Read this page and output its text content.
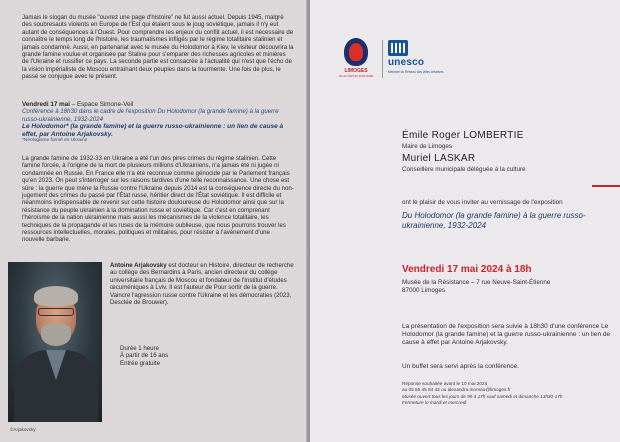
Jamais le slogan du musée "ouvrez une page d'histoire" ne fut aussi actuel. Depuis 1945, malgré des soubresauts violents en Europe de l'Est qui étaient sous le joug soviétique, jamais il n'y eut autant de conséquences à l'Ouest. Pour comprendre les enjeux du conflit actuel, il est nécessaire de connaître le temps long de l'histoire, les traumatismes infligés par le régime totalitaire stalinien et jamais condamné. Aussi, en partenariat avec le musée du Holodomor à Kiev, le visiteur découvrira la grande famine voulue et organisée par Staline pour s'emparer des richesses agricoles et minières de l'Ukraine et russifier ce pays. La seconde partie est consacrée à l'actualité qui n'est que l'écho de la vision impérialiste de Moscou entraînant deux peuples dans la tourmente. Une fois de plus, le passé se conjugue avec le présent.
Vendredi 17 mai – Espace Simone-Veil
Conférence à 18h30 dans le cadre de l'exposition Du Holodomor (la grande famine) à la guerre russo-ukrainienne, 1932-2024
Le Holodomor* (la grande famine) et la guerre russo-ukrainienne : un lien de cause à effet, par Antoine Arjakovsky.
*Néologisme formé en Ukraine
La grande famine de 1932-33 en Ukraine a été l'un des pires crimes du régime stalinien. Cette famine forcée, à l'origine de la mort de plusieurs millions d'Ukrainiens, n'a jamais été ni jugée ni condamnée en Russie. En France elle n'a été reconnue comme génocide par le Parlement français qu'en 2023. On peut s'interroger sur les raisons tardives d'une telle reconnaissance. Une chose est sûre : la guerre que mène la Russie contre l'Ukraine depuis 2014 est la conséquence directe du non-jugement des crimes du passé par l'État russe, héritier direct de l'État soviétique. Il est difficile et néanmoins indispensable de revenir sur cette histoire douloureuse du Holodomor ainsi que sur la résistance du peuple ukrainien à la domination russe et soviétique. Car c'est en comprenant l'héroïsme de la nation ukrainienne mais aussi les mécanismes de la violence totalitaire, les techniques de la propagande et les ruses de la mémoire oublieuse, que nous pourrons trouver les ressources intellectuelles, morales, politiques et militaires, pour résister à l'avènement d'une nouvelle barbarie.
©Arjakovsky
Antoine Arjakovsky est docteur en Histoire, directeur de recherche au collège des Bernardins à Paris, ancien directeur du collège universitaire français de Moscou et fondateur de l'Institut d'études œcuméniques à Lviv. Il est l'auteur de Pour sortir de la guerre. Vaincre l'agression russe contre l'Ukraine et les démocraties (2023, Desclée de Brouwer).
Durée 1 heure
À partir de 16 ans
Entrée gratuite
LIMOGES
VILLE D'ART ET D'HISTOIRE
unesco
Membre du Réseau des villes créatives
Émile Roger LOMBERTIE
Maire de Limoges
Muriel LASKAR
Conseillère municipale déléguée à la culture
ont le plaisir de vous inviter au vernissage de l'exposition
Du Holodomor (la grande famine) à la guerre russo-ukrainienne, 1932-2024
Vendredi 17 mai 2024 à 18h
Musée de la Résistance – 7 rue Neuve-Saint-Étienne
87000 Limoges
La présentation de l'exposition sera suivie à 18h30 d'une conférence Le Holodomor (la grande famine) et la guerre russo-ukrainienne : un lien de cause à effet par Antoine Arjakovsky.
Un buffet sera servi après la conférence.
Réponse souhaitée avant le 10 mai 2024
au 05 55 45 84 42 ou alexandra.moreau@limoges.fr
Musée ouvert tous les jours de 9h à 17h sauf samedi et dimanche 13h30-17h
Fermeture le mardi et mercredi
